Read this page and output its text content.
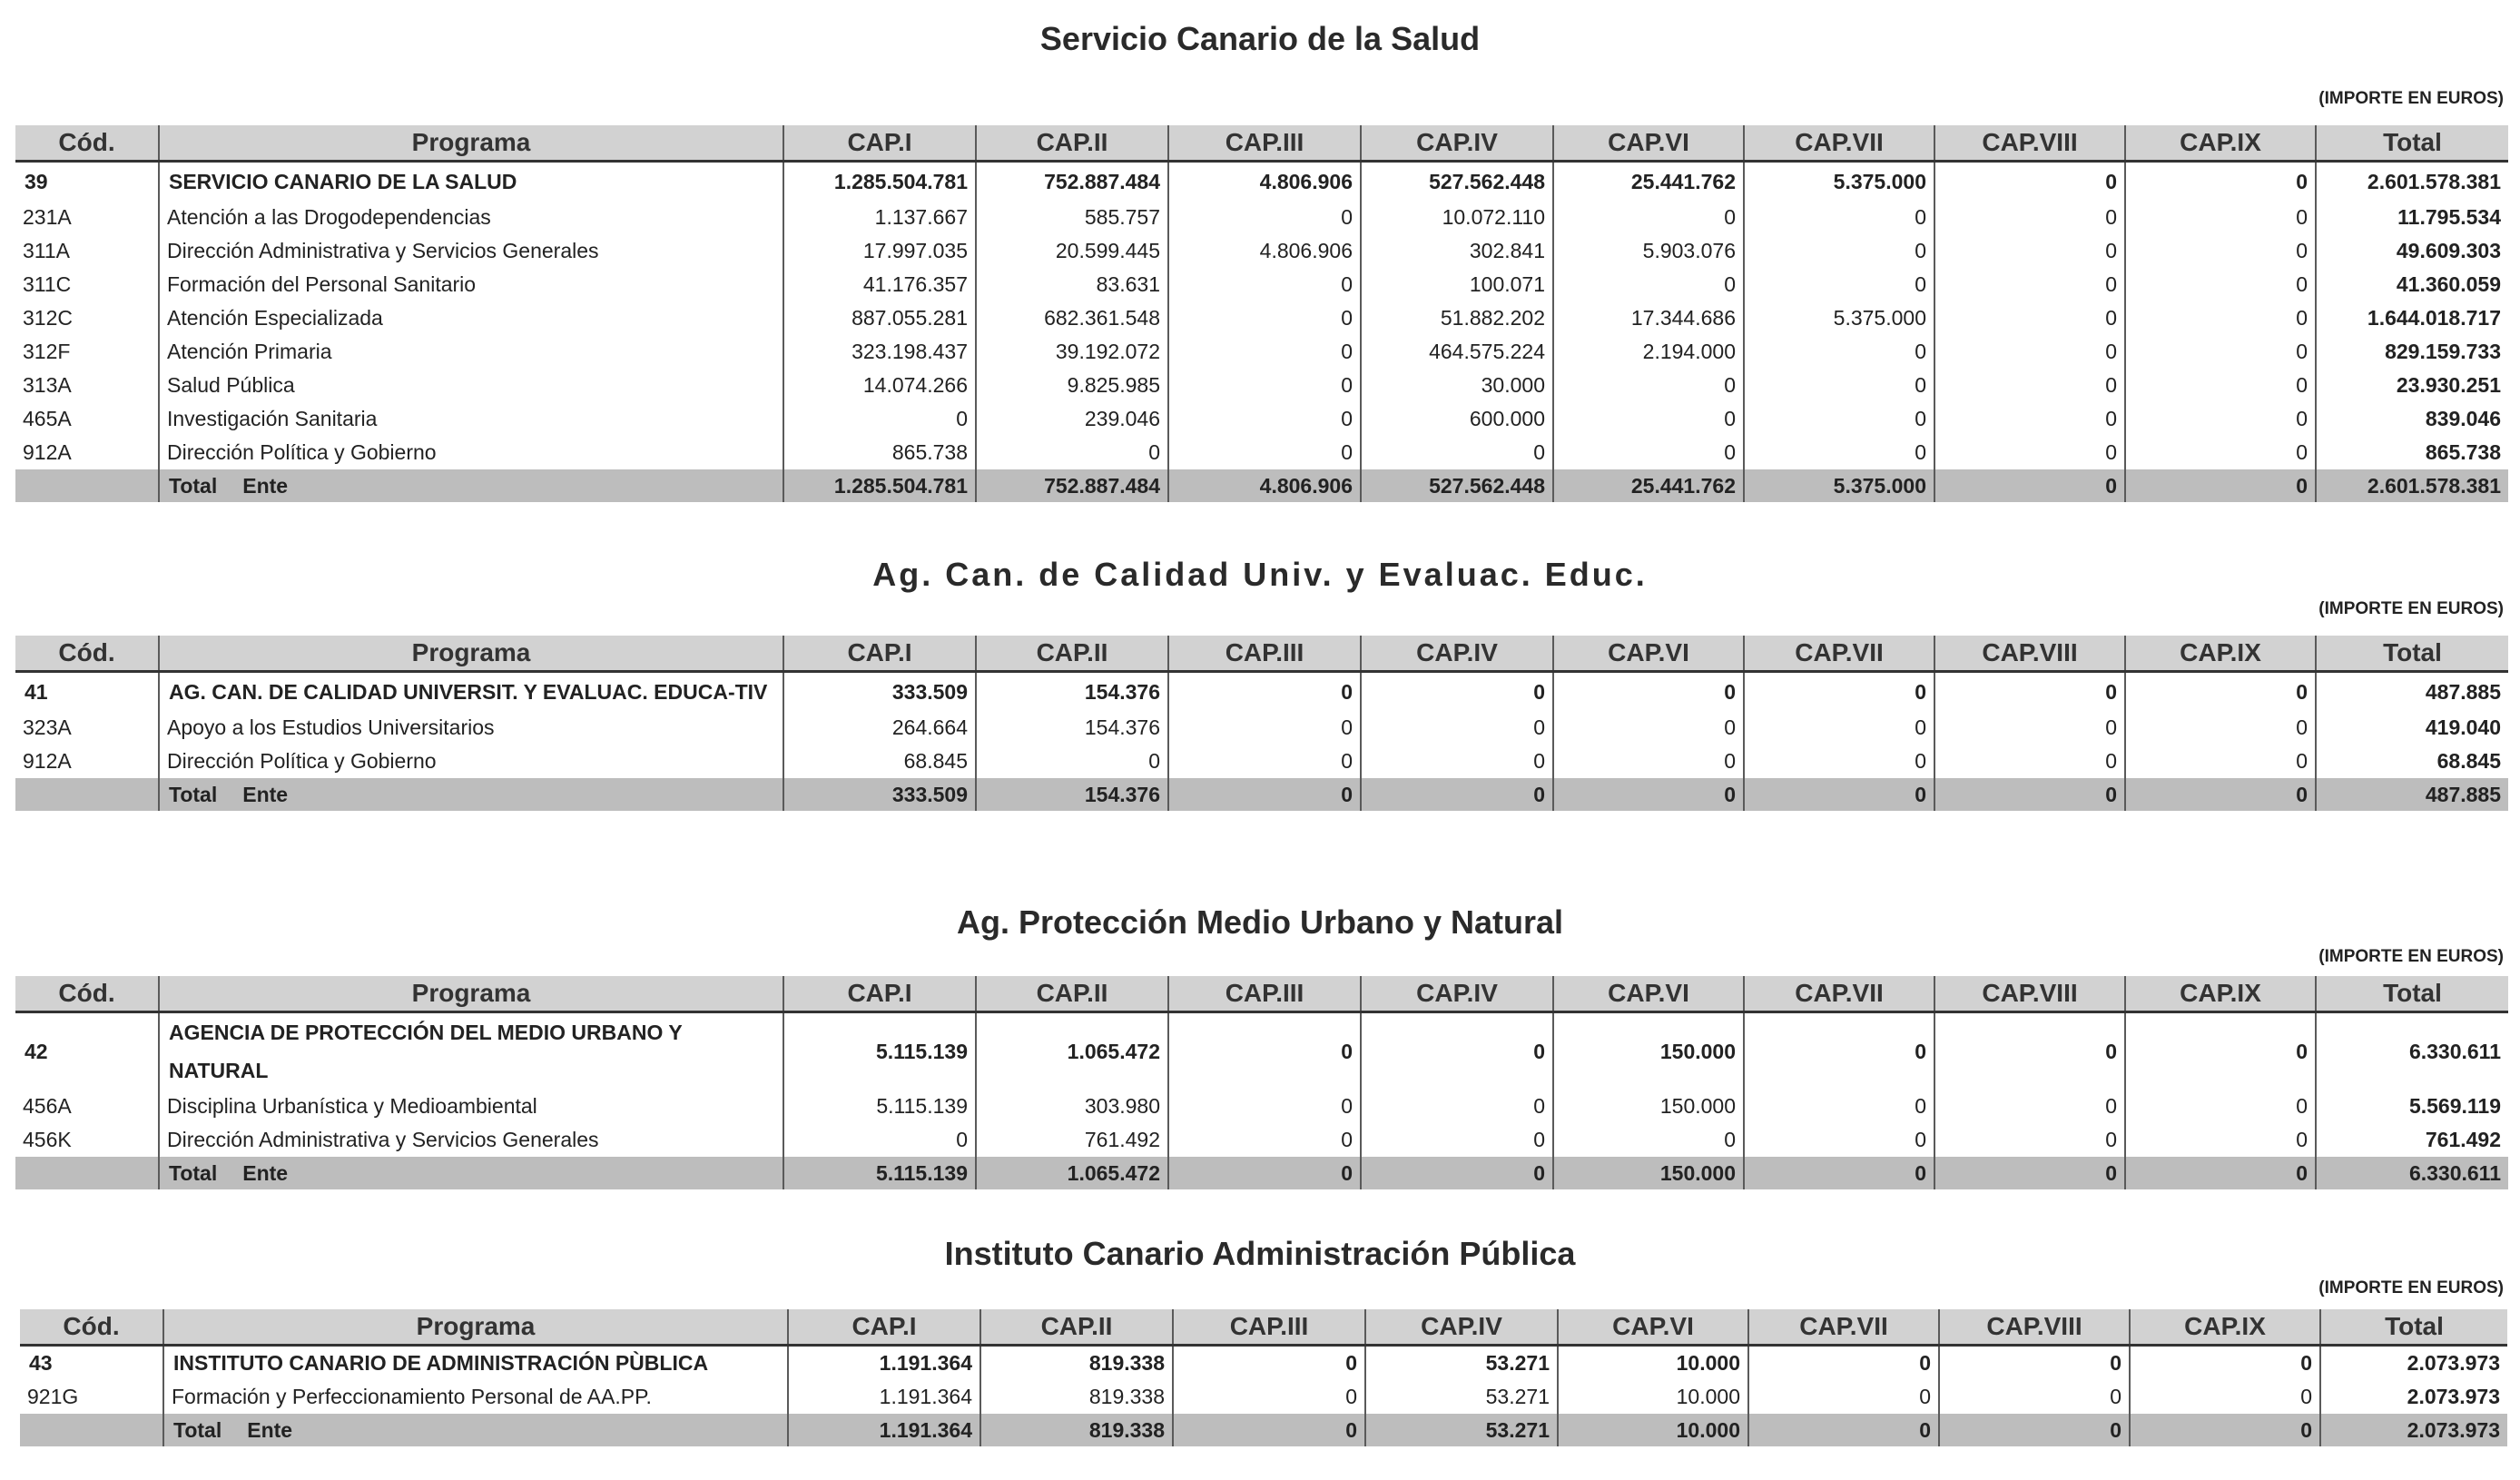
Servicio Canario de la Salud
(IMPORTE EN EUROS)
Cód.	Programa	CAP.I	CAP.II	CAP.III	CAP.IV	CAP.VI	CAP.VII	CAP.VIII	CAP.IX	Total
39	SERVICIO CANARIO DE LA SALUD	1.285.504.781	752.887.484	4.806.906	527.562.448	25.441.762	5.375.000	0	0	2.601.578.381
231A	Atención a las Drogodependencias	1.137.667	585.757	0	10.072.110	0	0	0	0	11.795.534
311A	Dirección Administrativa y Servicios Generales	17.997.035	20.599.445	4.806.906	302.841	5.903.076	0	0	0	49.609.303
311C	Formación del Personal Sanitario	41.176.357	83.631	0	100.071	0	0	0	0	41.360.059
312C	Atención Especializada	887.055.281	682.361.548	0	51.882.202	17.344.686	5.375.000	0	0	1.644.018.717
312F	Atención Primaria	323.198.437	39.192.072	0	464.575.224	2.194.000	0	0	0	829.159.733
313A	Salud Pública	14.074.266	9.825.985	0	30.000	0	0	0	0	23.930.251
465A	Investigación Sanitaria	0	239.046	0	600.000	0	0	0	0	839.046
912A	Dirección Política y Gobierno	865.738	0	0	0	0	0	0	0	865.738
	Total Ente	1.285.504.781	752.887.484	4.806.906	527.562.448	25.441.762	5.375.000	0	0	2.601.578.381
Ag. Can. de Calidad Univ. y Evaluac. Educ.
(IMPORTE EN EUROS)
Cód.	Programa	CAP.I	CAP.II	CAP.III	CAP.IV	CAP.VI	CAP.VII	CAP.VIII	CAP.IX	Total
41	AG. CAN. DE CALIDAD UNIVERSIT. Y EVALUAC. EDUCA-TIV	333.509	154.376	0	0	0	0	0	0	487.885
323A	Apoyo a los Estudios Universitarios	264.664	154.376	0	0	0	0	0	0	419.040
912A	Dirección Política y Gobierno	68.845	0	0	0	0	0	0	0	68.845
	Total Ente	333.509	154.376	0	0	0	0	0	0	487.885
Ag. Protección Medio Urbano y Natural
(IMPORTE EN EUROS)
Cód.	Programa	CAP.I	CAP.II	CAP.III	CAP.IV	CAP.VI	CAP.VII	CAP.VIII	CAP.IX	Total
42	AGENCIA DE PROTECCIÓN DEL MEDIO URBANO Y NATURAL	5.115.139	1.065.472	0	0	150.000	0	0	0	6.330.611
456A	Disciplina Urbanística y Medioambiental	5.115.139	303.980	0	0	150.000	0	0	0	5.569.119
456K	Dirección Administrativa y Servicios Generales	0	761.492	0	0	0	0	0	0	761.492
	Total Ente	5.115.139	1.065.472	0	0	150.000	0	0	0	6.330.611
Instituto Canario Administración Pública
(IMPORTE EN EUROS)
Cód.	Programa	CAP.I	CAP.II	CAP.III	CAP.IV	CAP.VI	CAP.VII	CAP.VIII	CAP.IX	Total
43	INSTITUTO CANARIO DE ADMINISTRACIÓN PÙBLICA	1.191.364	819.338	0	53.271	10.000	0	0	0	2.073.973
921G	Formación y Perfeccionamiento Personal de AA.PP.	1.191.364	819.338	0	53.271	10.000	0	0	0	2.073.973
	Total Ente	1.191.364	819.338	0	53.271	10.000	0	0	0	2.073.973
